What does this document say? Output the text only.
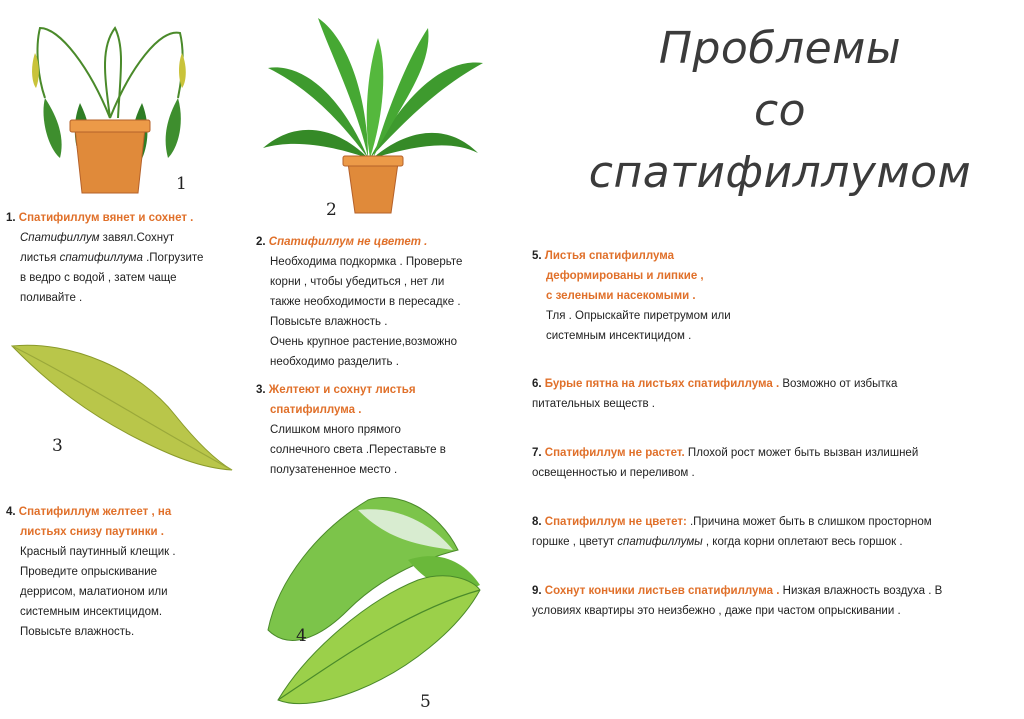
Проблемы
со
спатифиллумом
1
2
3
4
5
1. Спатифиллум вянет и сохнет .
Спатифиллум завял.Сохнут
листья спатифиллума .Погрузите
в ведро с водой , затем чаще
поливайте .
2. Спатифиллум не цветет .
Необходима подкормка . Проверьте
корни , чтобы убедиться , нет ли
также необходимости в пересадке .
Повысьте влажность .
Очень крупное растение,возможно
необходимо разделить .
3. Желтеют и сохнут листья
спатифиллума .
Слишком много прямого
солнечного света .Переставьте в
полузатененное место .
4. Спатифиллум желтеет , на
листьях снизу паутинки .
Красный паутинный клещик .
Проведите опрыскивание
деррисом, малатионом или
системным инсектицидом.
Повысьте влажность.
5. Листья спатифиллума
деформированы и липкие ,
с зелеными насекомыми .
Тля . Опрыскайте пиретрумом или
системным инсектицидом .
6. Бурые пятна на листьях спатифиллума . Возможно от избытка
питательных веществ .
7. Спатифиллум не растет. Плохой рост может быть вызван излишней
освещенностью и переливом .
8. Спатифиллум не цветет: .Причина может быть в слишком просторном
горшке , цветут спатифиллумы , когда корни оплетают весь горшок .
9. Сохнут кончики листьев спатифиллума . Низкая влажность воздуха . В
условиях квартиры это неизбежно , даже при частом опрыскивании .
